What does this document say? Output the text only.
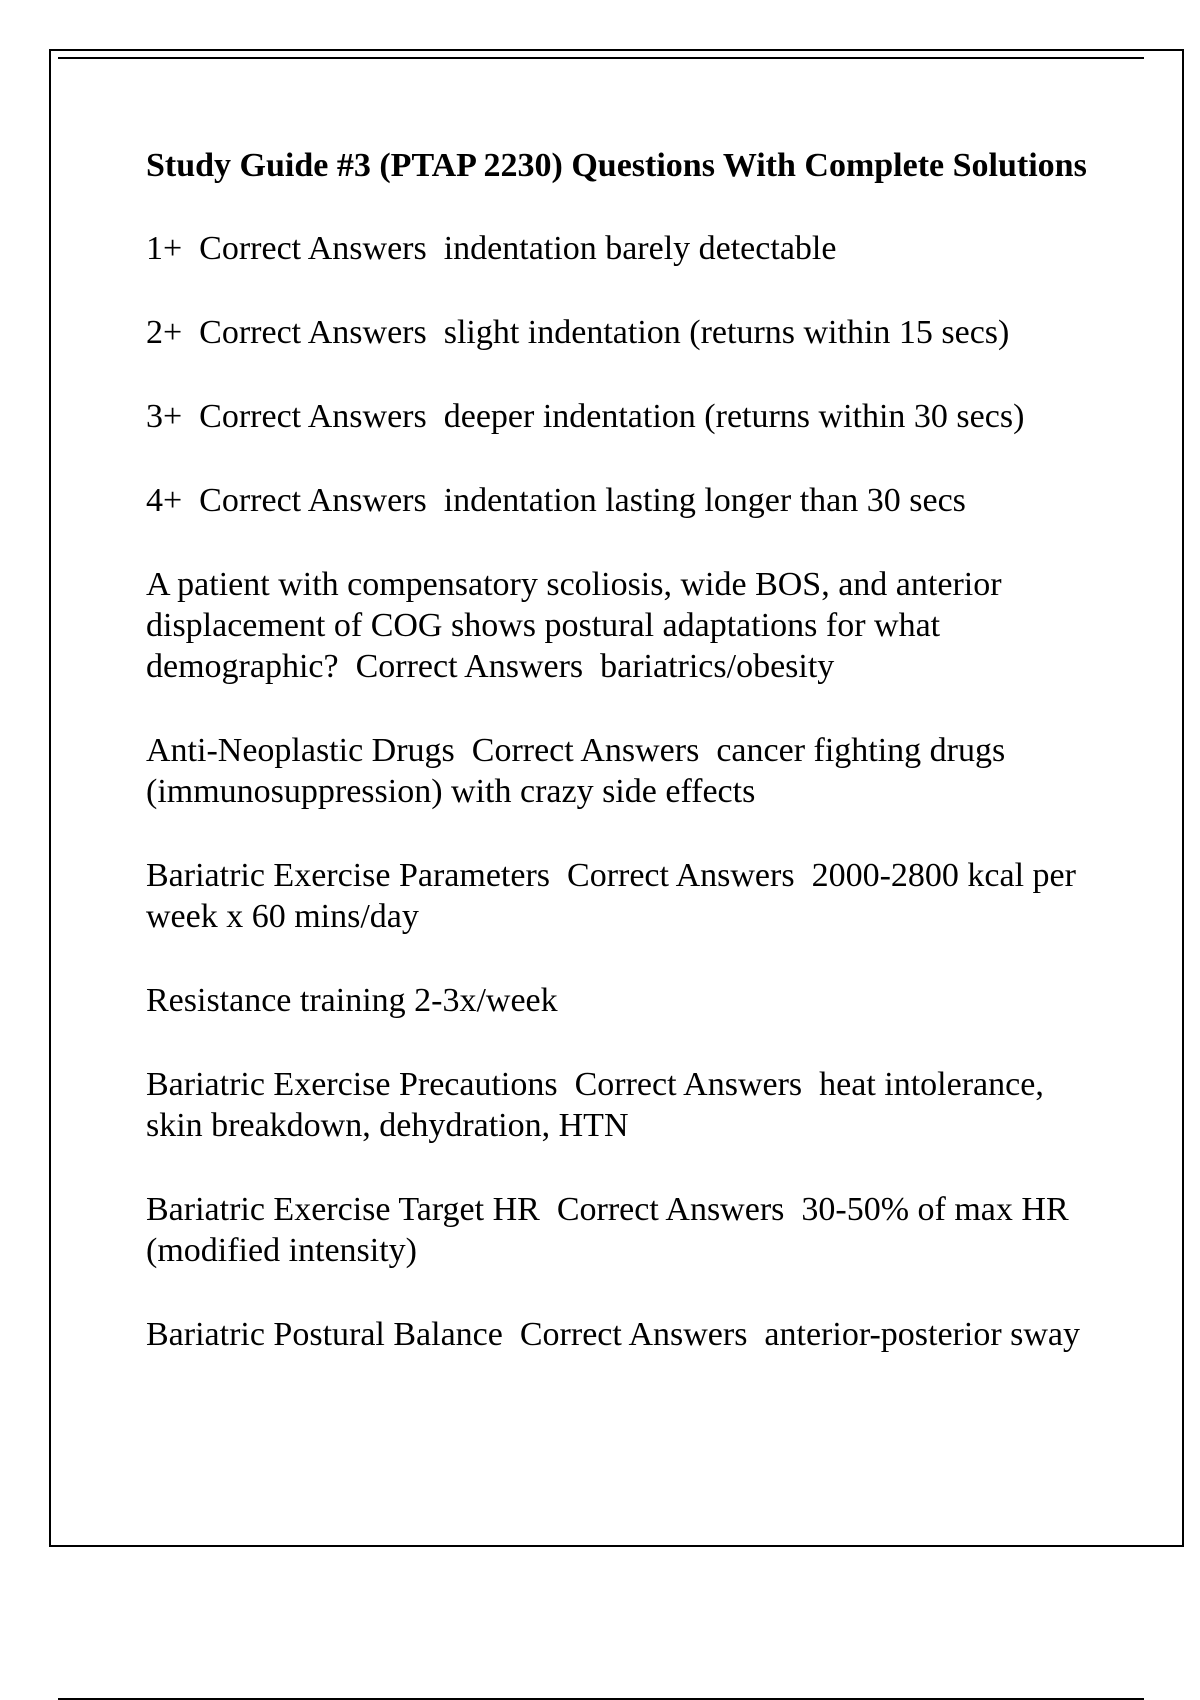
Study Guide #3 (PTAP 2230) Questions With Complete Solutions
1+  Correct Answers  indentation barely detectable
2+  Correct Answers  slight indentation (returns within 15 secs)
3+  Correct Answers  deeper indentation (returns within 30 secs)
4+  Correct Answers  indentation lasting longer than 30 secs
A patient with compensatory scoliosis, wide BOS, and anterior displacement of COG shows postural adaptations for what demographic?  Correct Answers  bariatrics/obesity
Anti-Neoplastic Drugs  Correct Answers  cancer fighting drugs (immunosuppression) with crazy side effects
Bariatric Exercise Parameters  Correct Answers  2000-2800 kcal per week x 60 mins/day
Resistance training 2-3x/week
Bariatric Exercise Precautions  Correct Answers  heat intolerance, skin breakdown, dehydration, HTN
Bariatric Exercise Target HR  Correct Answers  30-50% of max HR (modified intensity)
Bariatric Postural Balance  Correct Answers  anterior-posterior sway
